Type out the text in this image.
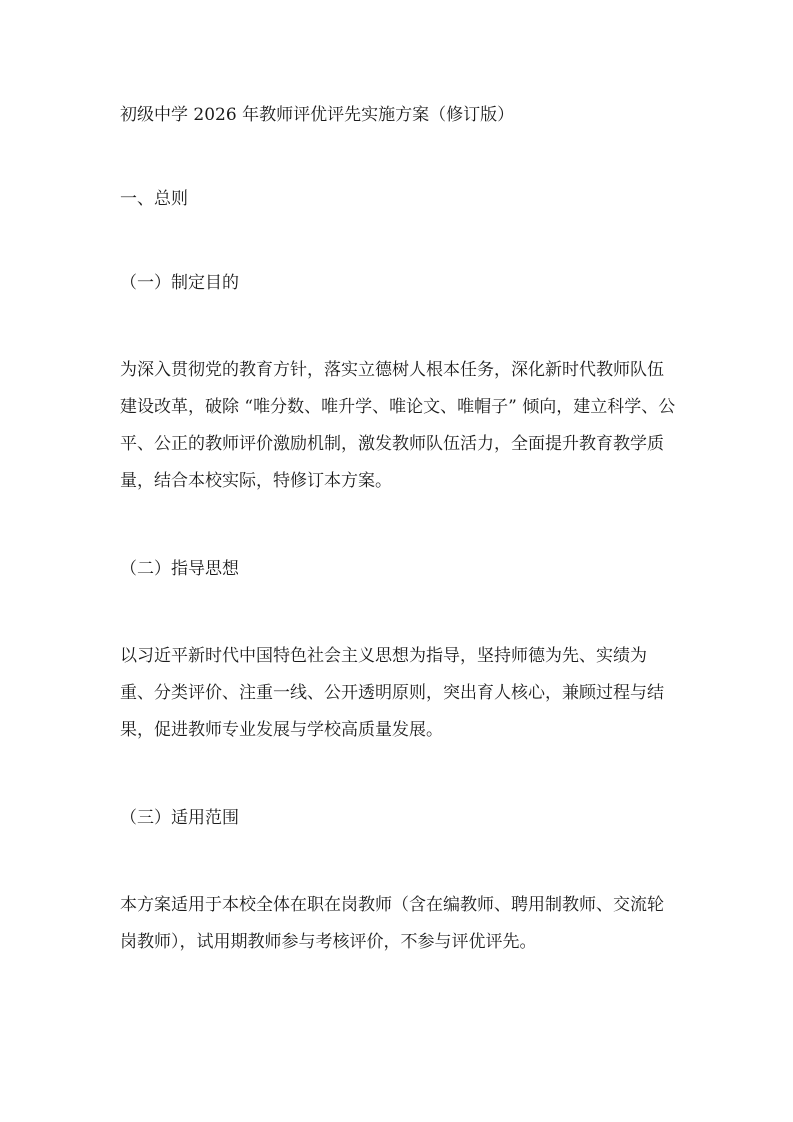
初级中学 2026 年教师评优评先实施方案（修订版）

一、总则

（一）制定目的

为深入贯彻党的教育方针，落实立德树人根本任务，深化新时代教师队伍建设改革，破除 “唯分数、唯升学、唯论文、唯帽子” 倾向，建立科学、公平、公正的教师评价激励机制，激发教师队伍活力，全面提升教育教学质量，结合本校实际，特修订本方案。

（二）指导思想

以习近平新时代中国特色社会主义思想为指导，坚持师德为先、实绩为重、分类评价、注重一线、公开透明原则，突出育人核心，兼顾过程与结果，促进教师专业发展与学校高质量发展。

（三）适用范围

本方案适用于本校全体在职在岗教师（含在编教师、聘用制教师、交流轮岗教师），试用期教师参与考核评价，不参与评优评先。
